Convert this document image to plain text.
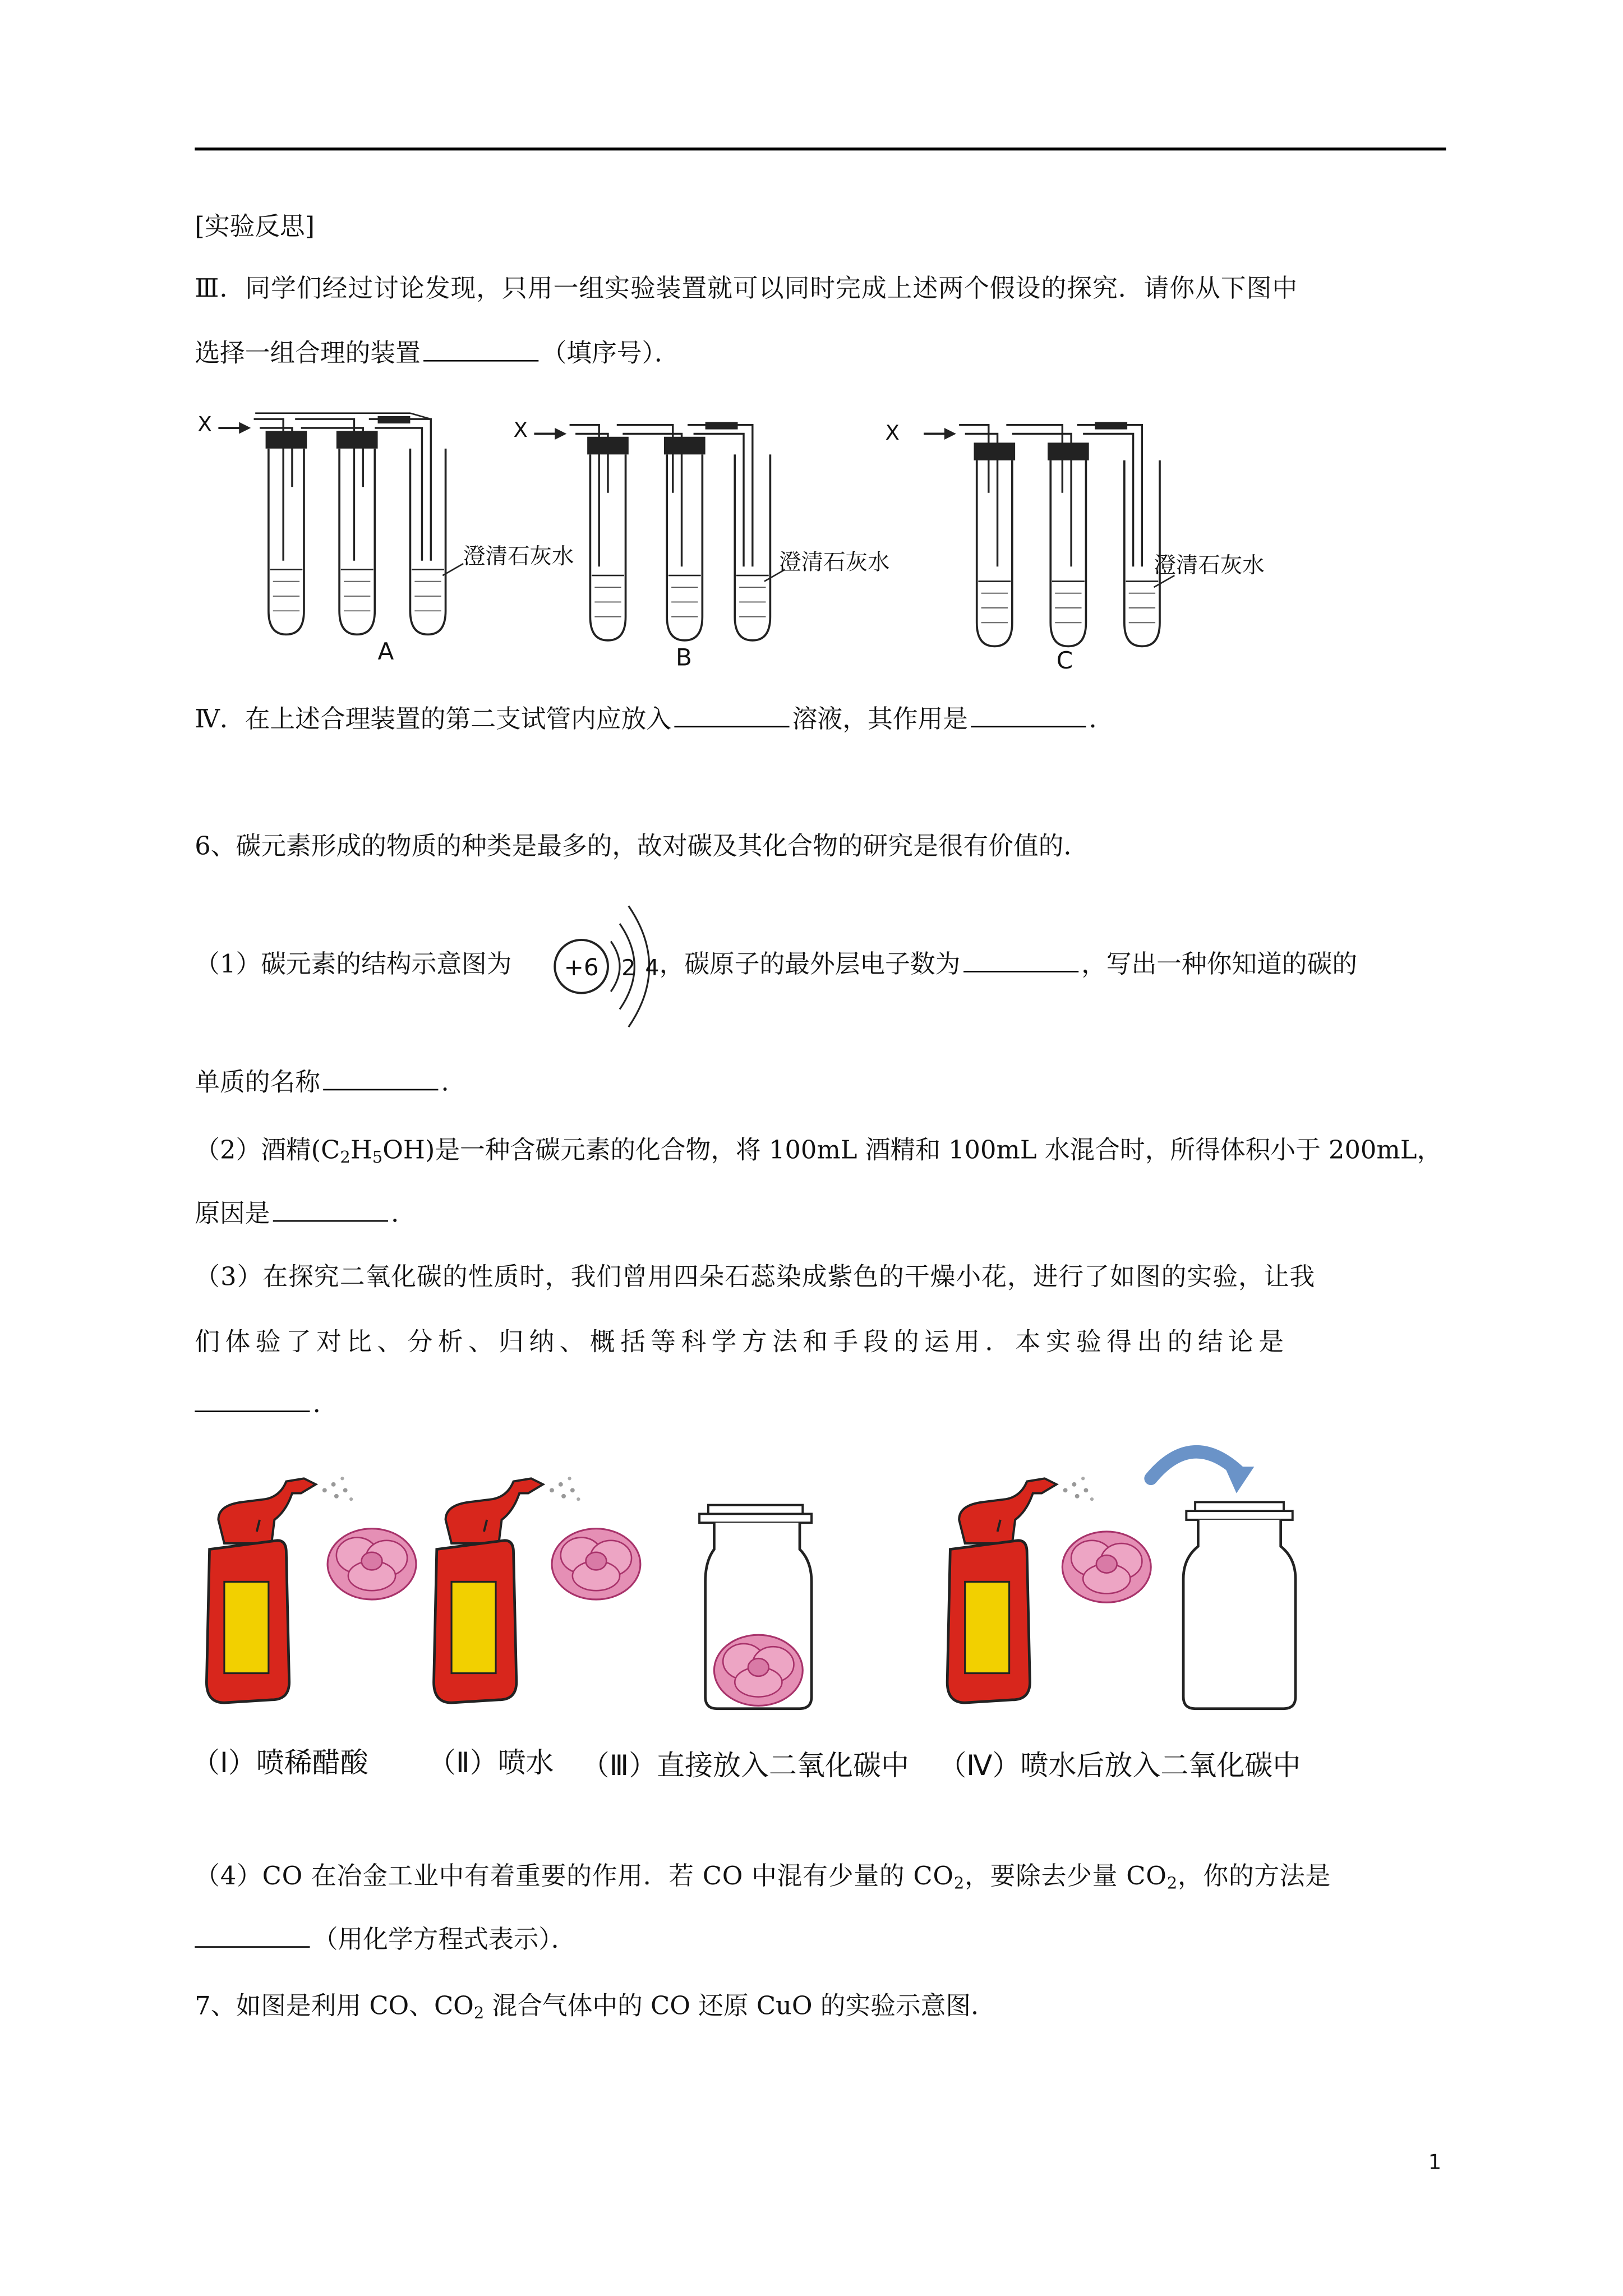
[实验反思]
Ⅲ．同学们经过讨论发现，只用一组实验装置就可以同时完成上述两个假设的探究．请你从下图中
选择一组合理的装置	（填序号）．
X	X	X
澄清石灰水	澄清石灰水	澄清石灰水
A	B	C
Ⅳ．在上述合理装置的第二支试管内应放入	溶液，其作用是	．
6、碳元素形成的物质的种类是最多的，故对碳及其化合物的研究是很有价值的．
（1）碳元素的结构示意图为	，碳原子的最外层电子数为	，写出一种你知道的碳的
+6	2 4
单质的名称	．
（2）酒精$(C_2H_5OH)$是一种含碳元素的化合物，将 100mL 酒精和 100mL 水混合时，所得体积小于 200mL，
原因是	．
（3）在探究二氧化碳的性质时，我们曾用四朵石蕊染成紫色的干燥小花，进行了如图的实验，让我
们体验了对比、分析、归纳、概括等科学方法和手段的运用．本实验得出的结论是
．
（Ⅰ）喷稀醋酸	（Ⅱ）喷水	（Ⅲ）直接放入二氧化碳中	（Ⅳ）喷水后放入二氧化碳中
（4）CO 在冶金工业中有着重要的作用．若 CO 中混有少量的 $CO_2$，要除去少量 $CO_2$，你的方法是
（用化学方程式表示）．
7、如图是利用 CO、$CO_2$ 混合气体中的 CO 还原 CuO 的实验示意图．
1
